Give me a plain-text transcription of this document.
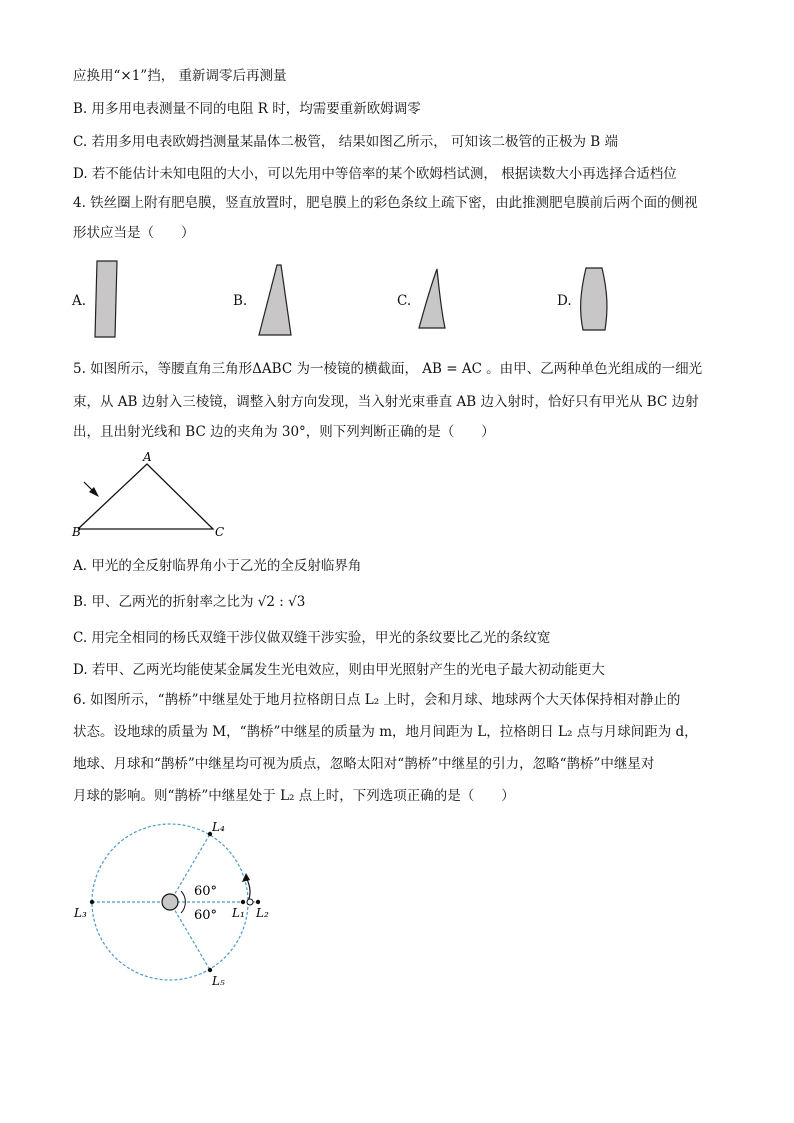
应换用“×1”挡， 重新调零后再测量
B. 用多用电表测量不同的电阻 R 时，均需要重新欧姆调零
C. 若用多用电表欧姆挡测量某晶体二极管， 结果如图乙所示， 可知该二极管的正极为 B 端
D. 若不能估计未知电阻的大小，可以先用中等倍率的某个欧姆档试测， 根据读数大小再选择合适档位
4. 铁丝圈上附有肥皂膜，竖直放置时，肥皂膜上的彩色条纹上疏下密，由此推测肥皂膜前后两个面的侧视
形状应当是（　　）
A.	B.	C.	D.
5. 如图所示，等腰直角三角形ΔABC 为一棱镜的横截面， AB = AC 。由甲、乙两种单色光组成的一细光
束，从 AB 边射入三棱镜，调整入射方向发现，当入射光束垂直 AB 边入射时，恰好只有甲光从 BC 边射
出，且出射光线和 BC 边的夹角为 30°，则下列判断正确的是（　　）
A
B	C
A. 甲光的全反射临界角小于乙光的全反射临界角
B. 甲、乙两光的折射率之比为 √2 : √3
C. 用完全相同的杨氏双缝干涉仪做双缝干涉实验，甲光的条纹要比乙光的条纹宽
D. 若甲、乙两光均能使某金属发生光电效应，则由甲光照射产生的光电子最大初动能更大
6. 如图所示，“鹊桥”中继星处于地月拉格朗日点 L₂ 上时，会和月球、地球两个大天体保持相对静止的
状态。设地球的质量为 M，“鹊桥”中继星的质量为 m，地月间距为 L，拉格朗日 L₂ 点与月球间距为 d，
地球、月球和“鹊桥”中继星均可视为质点，忽略太阳对“鹊桥”中继星的引力，忽略“鹊桥”中继星对
月球的影响。则“鹊桥”中继星处于 L₂ 点上时，下列选项正确的是（　　）
60°
60°
L₄
L₅
L₃	L₁ L₂
